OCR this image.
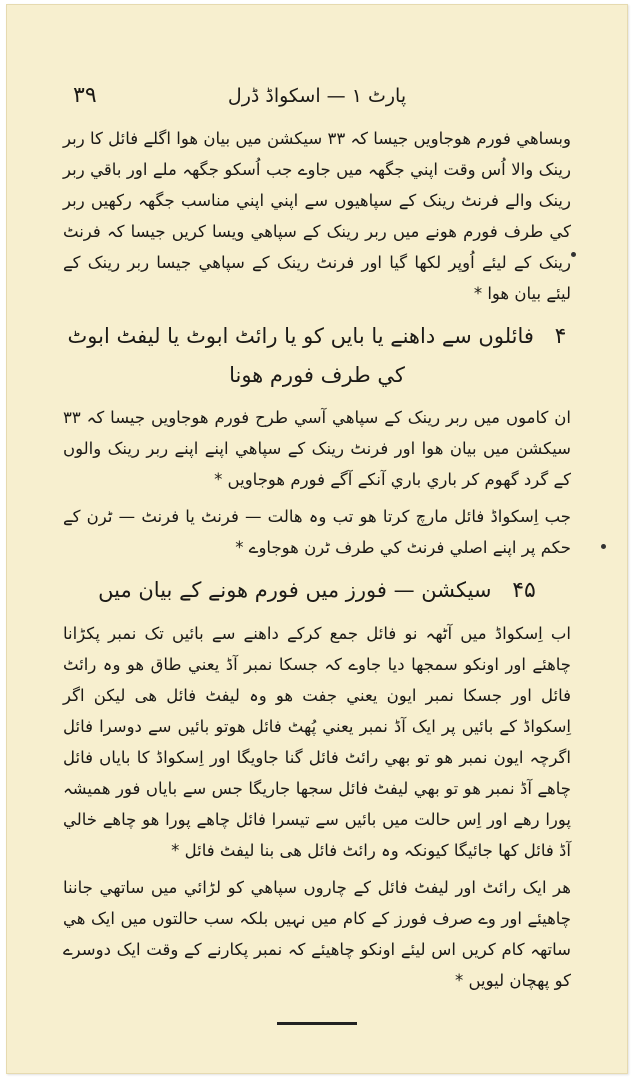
۳۹	پارٹ ۱ — اسکواڈ ڈرل

وبساھي فورم ھوجاويں جيسا کہ ۳۳ سيکشن ميں بيان ھوا اگلے فائل کا ربر رينک والا اُس وقت اپني جگھہ ميں جاوے جب اُسکو جگھہ ملے اور باقي ربر رينک والے فرنٹ رينک کے سپاھيوں سے اپني اپني مناسب جگھہ رکھيں ربر کي طرف فورم ھونے ميں ربر رينک کے سپاھي ويسا کريں جيسا کہ فرنٹ رينک کے لیئے اُوپر لکھا گيا اور فرنٹ رينک کے سپاھي جيسا ربر رينک کے لیئے بيان ھوا *

۴ فائلوں سے داھنے يا بايں کو يا رائٹ ابوٹ يا ليفٹ ابوٹ کي طرف فورم ھونا

ان کاموں ميں ربر رينک کے سپاھي آسي طرح فورم ھوجاويں جيسا کہ ۳۳ سيکشن ميں بيان ھوا اور فرنٹ رينک کے سپاھي اپنے اپنے ربر رينک والوں کے گرد گھوم کر باري باري آنکے آگے فورم ھوجاويں *

جب اِسکواڈ فائل مارچ کرتا ھو تب وہ ھالت — فرنٹ يا فرنٹ — ٹرن کے حکم پر اپنے اصلي فرنٹ کي طرف ٹرن ھوجاوے *

۴۵ سيکشن — فورز ميں فورم ھونے کے بيان ميں

اب اِسکواڈ ميں آٹھہ نو فائل جمع کرکے داھنے سے بائيں تک نمبر پکڑانا چاھئے اور اونکو سمجھا ديا جاوے کہ جسکا نمبر آڈ يعني طاق ھو وہ رائٹ فائل اور جسکا نمبر ايون يعني جفت ھو وہ ليفٹ فائل ھی ليکن اگر اِسکواڈ کے بائيں پر ايک آڈ نمبر يعني پُھٹ فائل ھوتو بائيں سے دوسرا فائل اگرچہ ايون نمبر ھو تو بھي رائٹ فائل گنا جاويگا اور اِسکواڈ کا باياں فائل چاھے آڈ نمبر ھو تو بھي ليفٹ فائل سجھا جاريگا جس سے باياں فور ھميشہ پورا رھے اور اِس حالت ميں بائيں سے تيسرا فائل چاھے پورا ھو چاھے خالي آڈ فائل کھا جائيگا کيونکہ وہ رائٹ فائل ھی بنا ليفٹ فائل *

ھر ايک رائٹ اور ليفٹ فائل کے چاروں سپاھي کو لڑائي ميں ساتھي جاننا چاھيئے اور وے صرف فورز کے کام ميں نہيں بلکہ سب حالتوں ميں ايک ھي ساتھہ کام کريں اس لیئے اونکو چاھيئے کہ نمبر پکارنے کے وقت ايک دوسرے کو پھچان ليويں *
